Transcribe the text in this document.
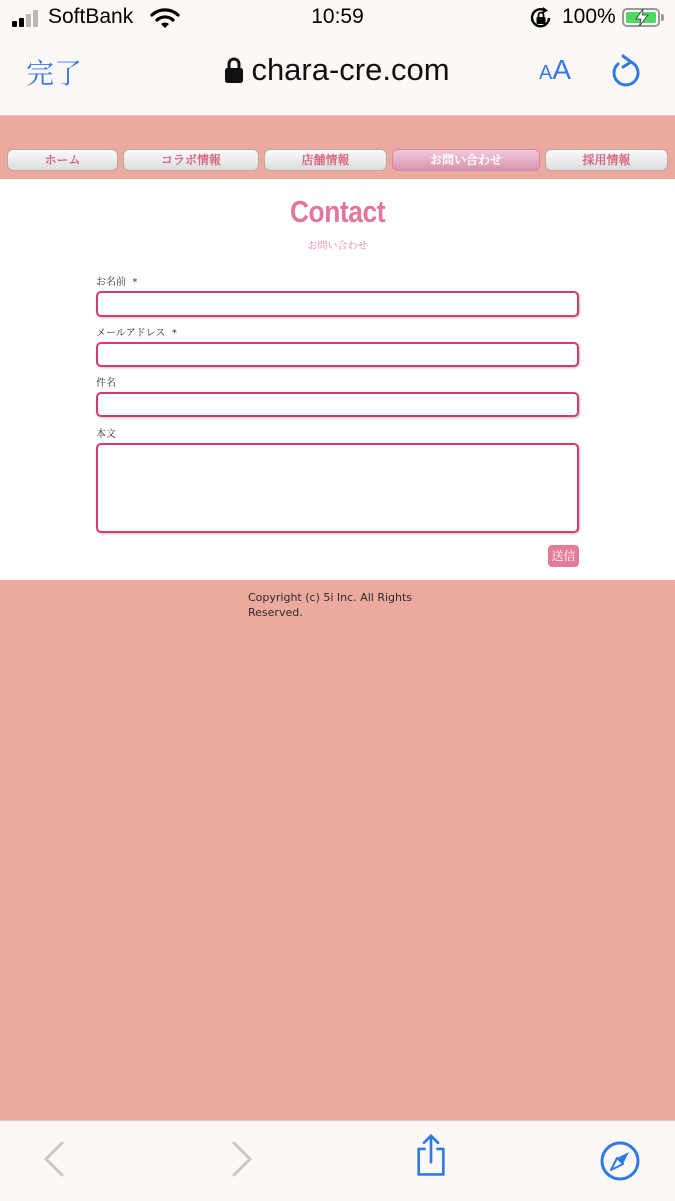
SoftBank	10:59	100%
完了	chara-cre.com	AA
ホーム	コラボ情報	店舗情報	お問い合わせ	採用情報
Contact
お問い合わせ
お名前 *
メールアドレス *
件名
本文
送信
Copyright (c) 5i Inc. All Rights
Reserved.
